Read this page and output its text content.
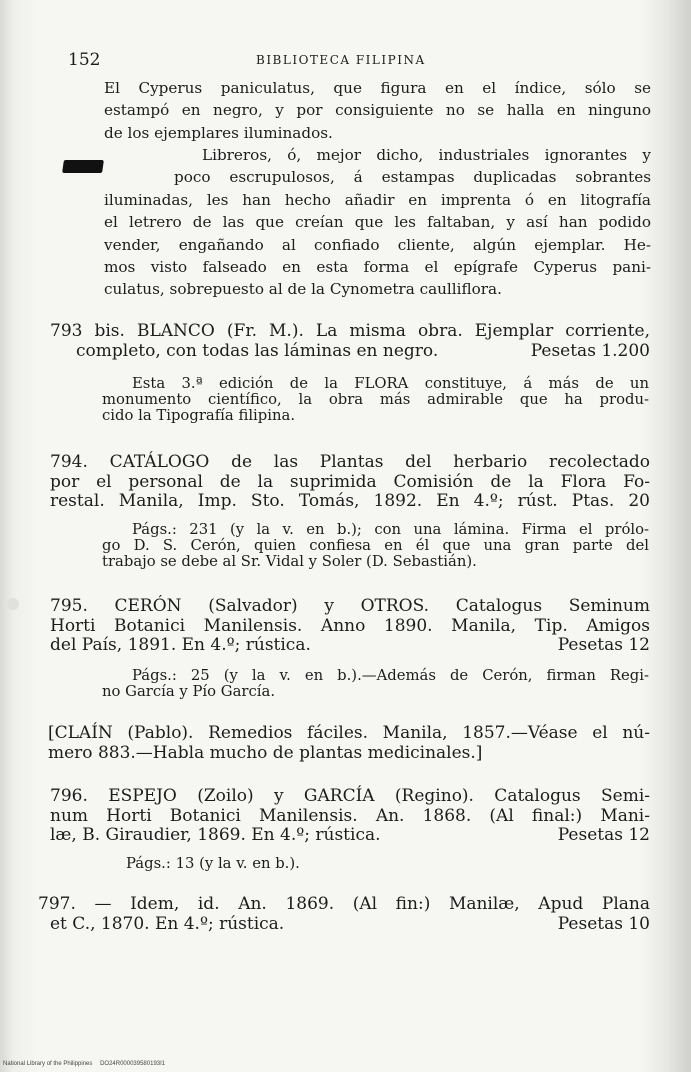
152	BIBLIOTECA FILIPINA
El Cyperus paniculatus, que figura en el índice, sólo se
estampó en negro, y por consiguiente no se halla en ninguno
de los ejemplares iluminados.
Libreros, ó, mejor dicho, industriales ignorantes y
poco escrupulosos, á estampas duplicadas sobrantes
iluminadas, les han hecho añadir en imprenta ó en litografía
el letrero de las que creían que les faltaban, y así han podido
vender, engañando al confiado cliente, algún ejemplar. He-
mos visto falseado en esta forma el epígrafe Cyperus pani-
culatus, sobrepuesto al de la Cynometra caulliflora.
793 bis. BLANCO (Fr. M.). La misma obra. Ejemplar corriente,
completo, con todas las láminas en negro.	Pesetas 1.200
Esta 3.ª edición de la FLORA constituye, á más de un
monumento científico, la obra más admirable que ha produ-
cido la Tipografía filipina.
794. CATÁLOGO de las Plantas del herbario recolectado
por el personal de la suprimida Comisión de la Flora Fo-
restal. Manila, Imp. Sto. Tomás, 1892. En 4.º; rúst. Ptas. 20
Págs.: 231 (y la v. en b.); con una lámina. Firma el prólo-
go D. S. Cerón, quien confiesa en él que una gran parte del
trabajo se debe al Sr. Vidal y Soler (D. Sebastián).
795. CERÓN (Salvador) y OTROS. Catalogus Seminum
Horti Botanici Manilensis. Anno 1890. Manila, Tip. Amigos
del País, 1891. En 4.º; rústica.	Pesetas 12
Págs.: 25 (y la v. en b.).—Además de Cerón, firman Regi-
no García y Pío García.
[CLAÍN (Pablo). Remedios fáciles. Manila, 1857.—Véase el nú-
mero 883.—Habla mucho de plantas medicinales.]
796. ESPEJO (Zoilo) y GARCÍA (Regino). Catalogus Semi-
num Horti Botanici Manilensis. An. 1868. (Al final:) Mani-
læ, B. Giraudier, 1869. En 4.º; rústica.	Pesetas 12
Págs.: 13 (y la v. en b.).
797. — Idem, id. An. 1869. (Al fin:) Manilæ, Apud Plana
et C., 1870. En 4.º; rústica.	Pesetas 10
National Library of the Philippines DO24R000039580193I1
